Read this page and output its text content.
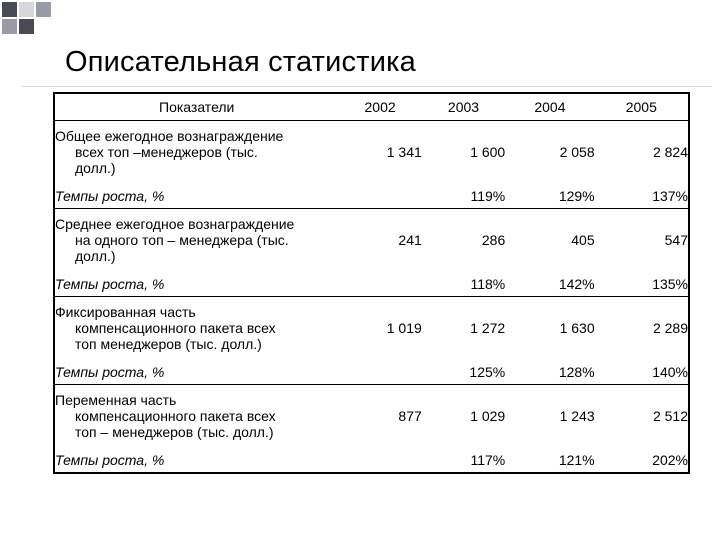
Описательная статистика
Показатели	2002	2003	2004	2005

Общее ежегодное вознаграждение
всех топ –менеджеров (тыс.
долл.)	1 341	1 600	2 058	2 824
Темпы роста, %		119%	129%	137%

Среднее ежегодное вознаграждение
на одного топ – менеджера (тыс.
долл.)	241	286	405	547
Темпы роста, %		118%	142%	135%

Фиксированная часть
компенсационного пакета всех
топ менеджеров (тыс. долл.)	1 019	1 272	1 630	2 289
Темпы роста, %		125%	128%	140%

Переменная часть
компенсационного пакета всех
топ – менеджеров (тыс. долл.)	877	1 029	1 243	2 512
Темпы роста, %		117%	121%	202%
